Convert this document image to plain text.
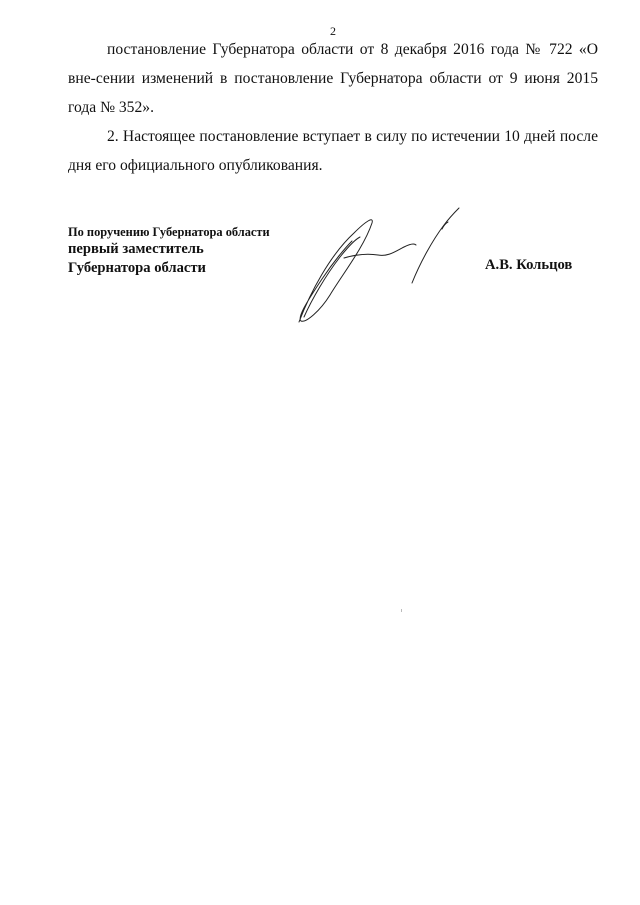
2

постановление Губернатора области от 8 декабря 2016 года № 722 «О вне-сении изменений в постановление Губернатора области от 9 июня 2015 года № 352».

2. Настоящее постановление вступает в силу по истечении 10 дней после дня его официального опубликования.

По поручению Губернатора области
первый заместитель
Губернатора области	А.В. Кольцов
